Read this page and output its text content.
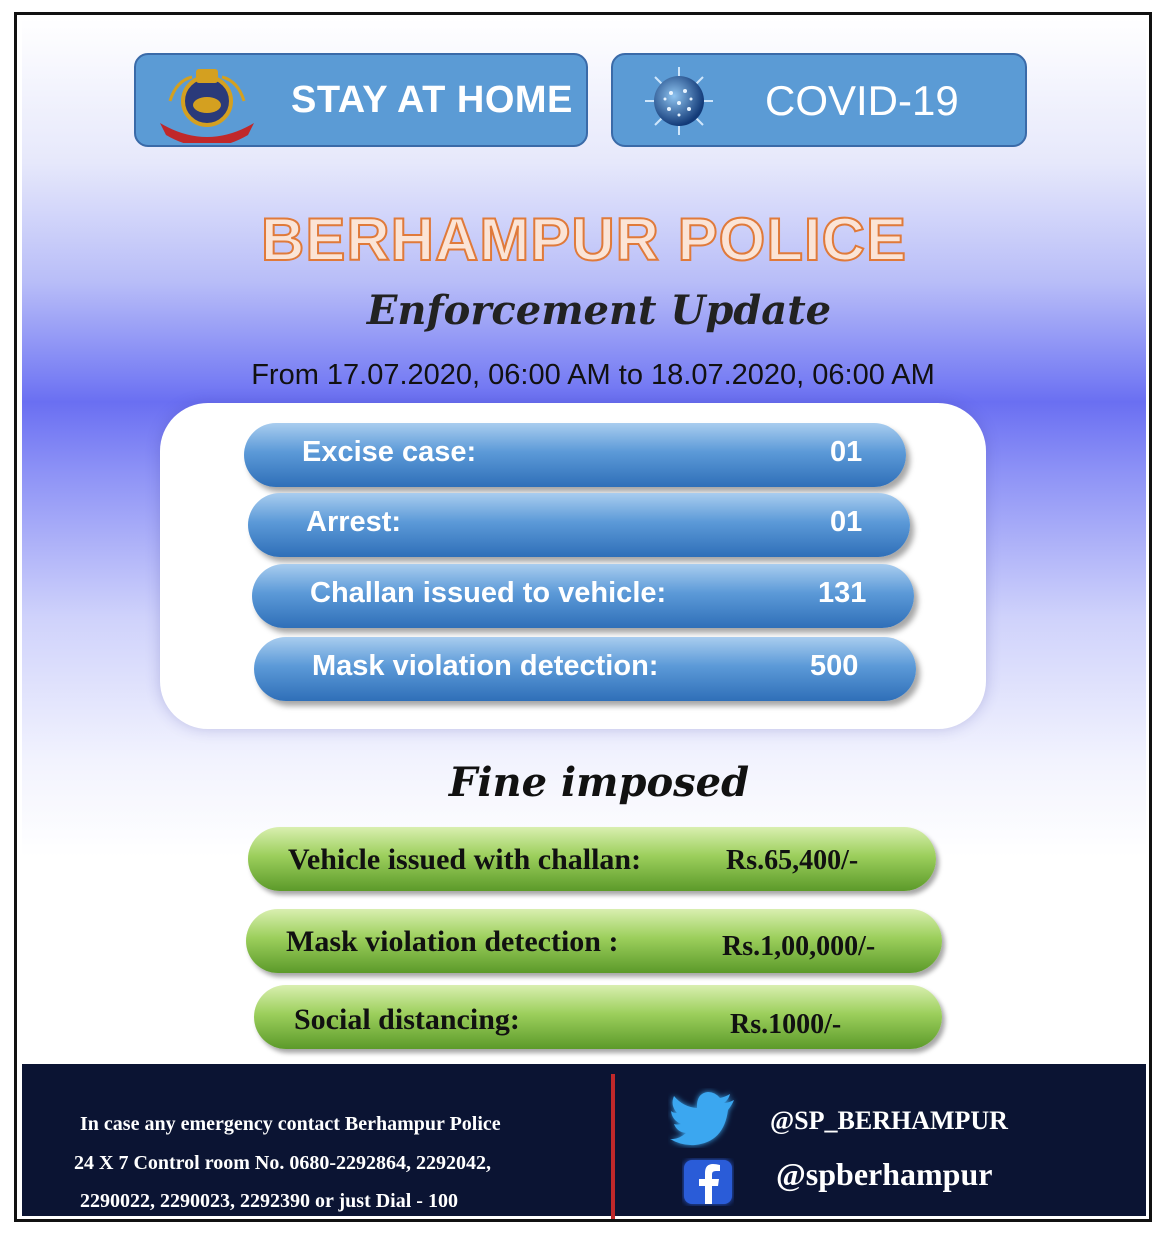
STAY AT HOME	COVID-19
BERHAMPUR POLICE
Enforcement Update
From 17.07.2020, 06:00 AM to 18.07.2020, 06:00 AM
Excise case:	01
Arrest:	01
Challan issued to vehicle:	131
Mask violation detection:	500
Fine imposed
Vehicle issued with challan:	Rs.65,400/-
Mask violation detection :	Rs.1,00,000/-
Social distancing:	Rs.1000/-
In case any emergency contact Berhampur Police
24 X 7 Control room No. 0680-2292864, 2292042,
2290022, 2290023, 2292390 or just Dial - 100
@SP_BERHAMPUR
@spberhampur
